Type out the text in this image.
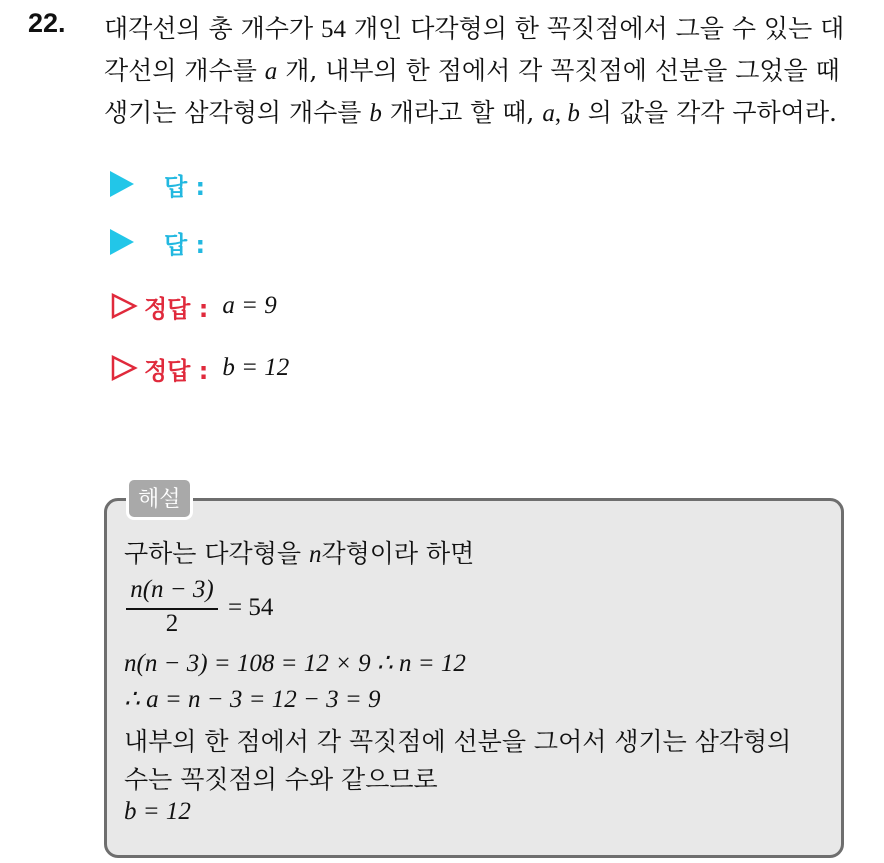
22. 대각선의 총 개수가 54 개인 다각형의 한 꼭짓점에서 그을 수 있는 대
각선의 개수를 a 개, 내부의 한 점에서 각 꼭짓점에 선분을 그었을 때
생기는 삼각형의 개수를 b 개라고 할 때, a, b 의 값을 각각 구하여라.
답 :
답 :
정답 : a = 9
정답 : b = 12
해설
구하는 다각형을 n각형이라 하면
n(n − 3)
2
= 54
n(n − 3) = 108 = 12 × 9 ∴ n = 12
∴ a = n − 3 = 12 − 3 = 9
내부의 한 점에서 각 꼭짓점에 선분을 그어서 생기는 삼각형의
수는 꼭짓점의 수와 같으므로
b = 12
